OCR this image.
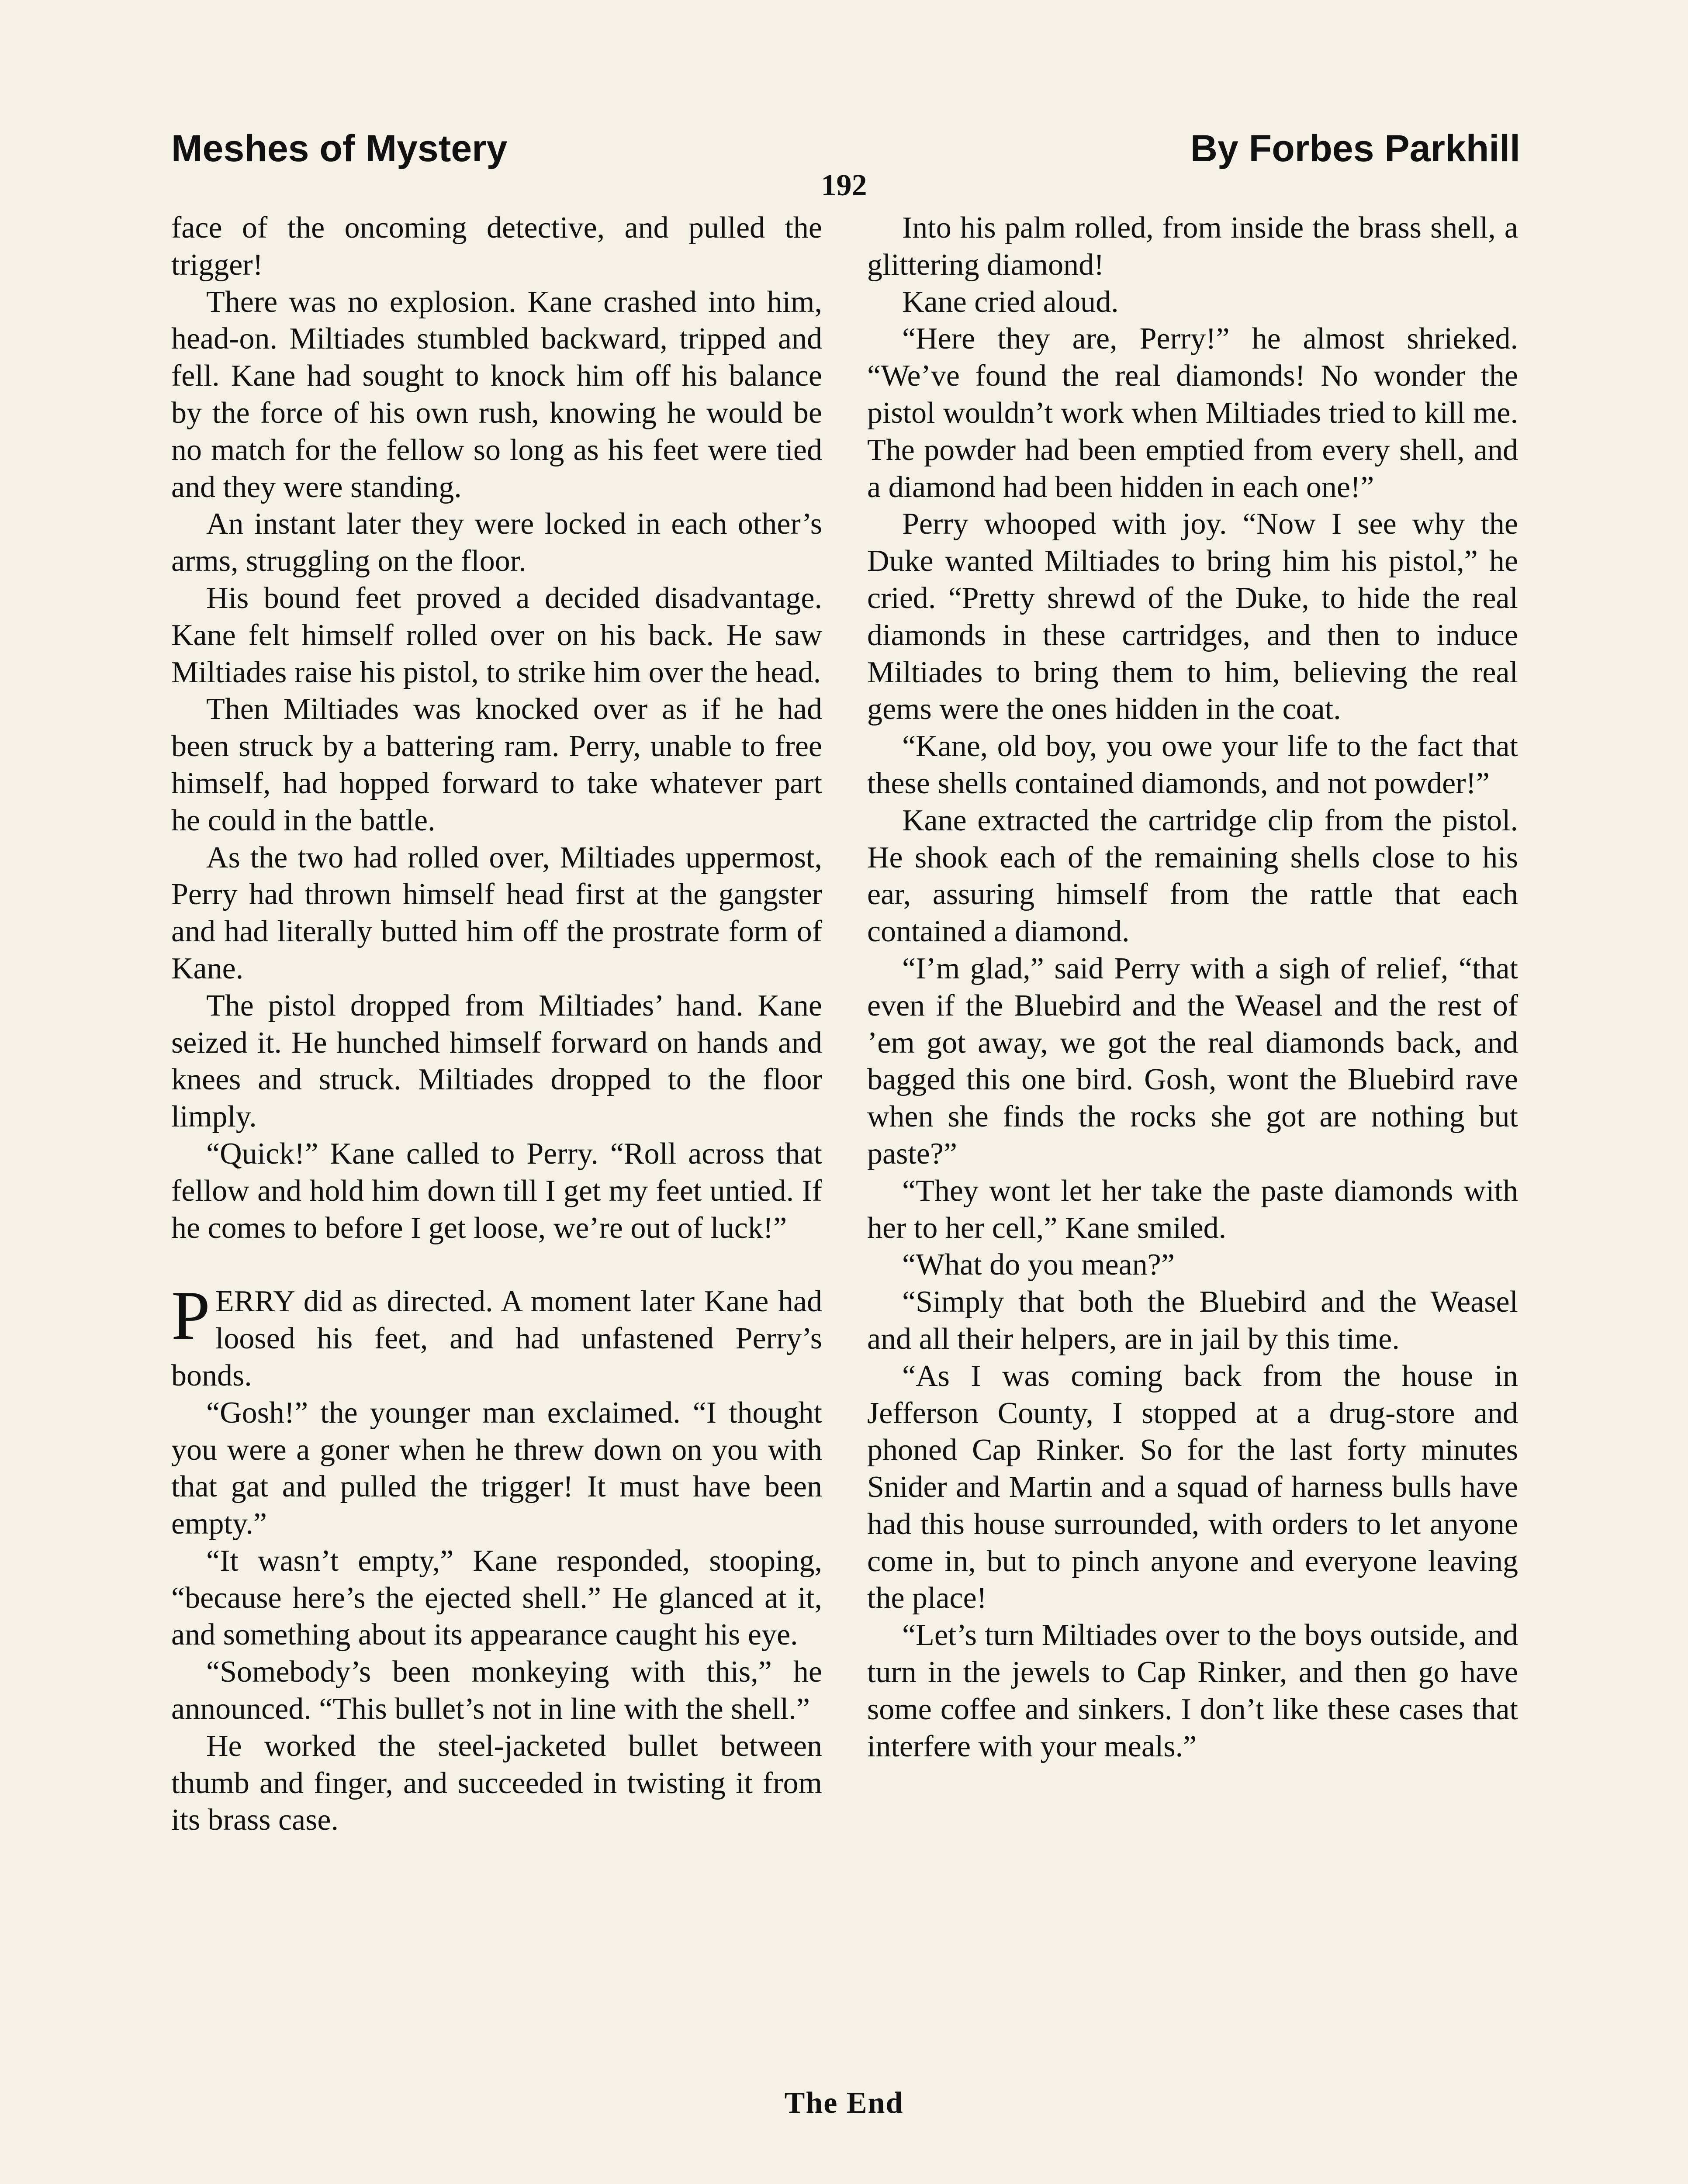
Meshes of Mystery	By Forbes Parkhill
192

face of the oncoming detective, and pulled the trigger!

There was no explosion. Kane crashed into him, head-on. Miltiades stumbled backward, tripped and fell. Kane had sought to knock him off his balance by the force of his own rush, knowing he would be no match for the fellow so long as his feet were tied and they were standing.

An instant later they were locked in each other’s arms, struggling on the floor.

His bound feet proved a decided disadvantage. Kane felt himself rolled over on his back. He saw Miltiades raise his pistol, to strike him over the head.

Then Miltiades was knocked over as if he had been struck by a battering ram. Perry, unable to free himself, had hopped forward to take whatever part he could in the battle.

As the two had rolled over, Miltiades uppermost, Perry had thrown himself head first at the gangster and had literally butted him off the prostrate form of Kane.

The pistol dropped from Miltiades’ hand. Kane seized it. He hunched himself forward on hands and knees and struck. Miltiades dropped to the floor limply.

“Quick!” Kane called to Perry. “Roll across that fellow and hold him down till I get my feet untied. If he comes to before I get loose, we’re out of luck!”

PERRY did as directed. A moment later Kane had loosed his feet, and had unfastened Perry’s bonds.

“Gosh!” the younger man exclaimed. “I thought you were a goner when he threw down on you with that gat and pulled the trigger! It must have been empty.”

“It wasn’t empty,” Kane responded, stooping, “because here’s the ejected shell.” He glanced at it, and something about its appearance caught his eye.

“Somebody’s been monkeying with this,” he announced. “This bullet’s not in line with the shell.”

He worked the steel-jacketed bullet between thumb and finger, and succeeded in twisting it from its brass case.

Into his palm rolled, from inside the brass shell, a glittering diamond!

Kane cried aloud.

“Here they are, Perry!” he almost shrieked. “We’ve found the real diamonds! No wonder the pistol wouldn’t work when Miltiades tried to kill me. The powder had been emptied from every shell, and a diamond had been hidden in each one!”

Perry whooped with joy. “Now I see why the Duke wanted Miltiades to bring him his pistol,” he cried. “Pretty shrewd of the Duke, to hide the real diamonds in these cartridges, and then to induce Miltiades to bring them to him, believing the real gems were the ones hidden in the coat.

“Kane, old boy, you owe your life to the fact that these shells contained diamonds, and not powder!”

Kane extracted the cartridge clip from the pistol. He shook each of the remaining shells close to his ear, assuring himself from the rattle that each contained a diamond.

“I’m glad,” said Perry with a sigh of relief, “that even if the Bluebird and the Weasel and the rest of ’em got away, we got the real diamonds back, and bagged this one bird. Gosh, wont the Bluebird rave when she finds the rocks she got are nothing but paste?”

“They wont let her take the paste diamonds with her to her cell,” Kane smiled.

“What do you mean?”

“Simply that both the Bluebird and the Weasel and all their helpers, are in jail by this time.

“As I was coming back from the house in Jefferson County, I stopped at a drug-store and phoned Cap Rinker. So for the last forty minutes Snider and Martin and a squad of harness bulls have had this house surrounded, with orders to let anyone come in, but to pinch anyone and everyone leaving the place!

“Let’s turn Miltiades over to the boys outside, and turn in the jewels to Cap Rinker, and then go have some coffee and sinkers. I don’t like these cases that interfere with your meals.”

The End
